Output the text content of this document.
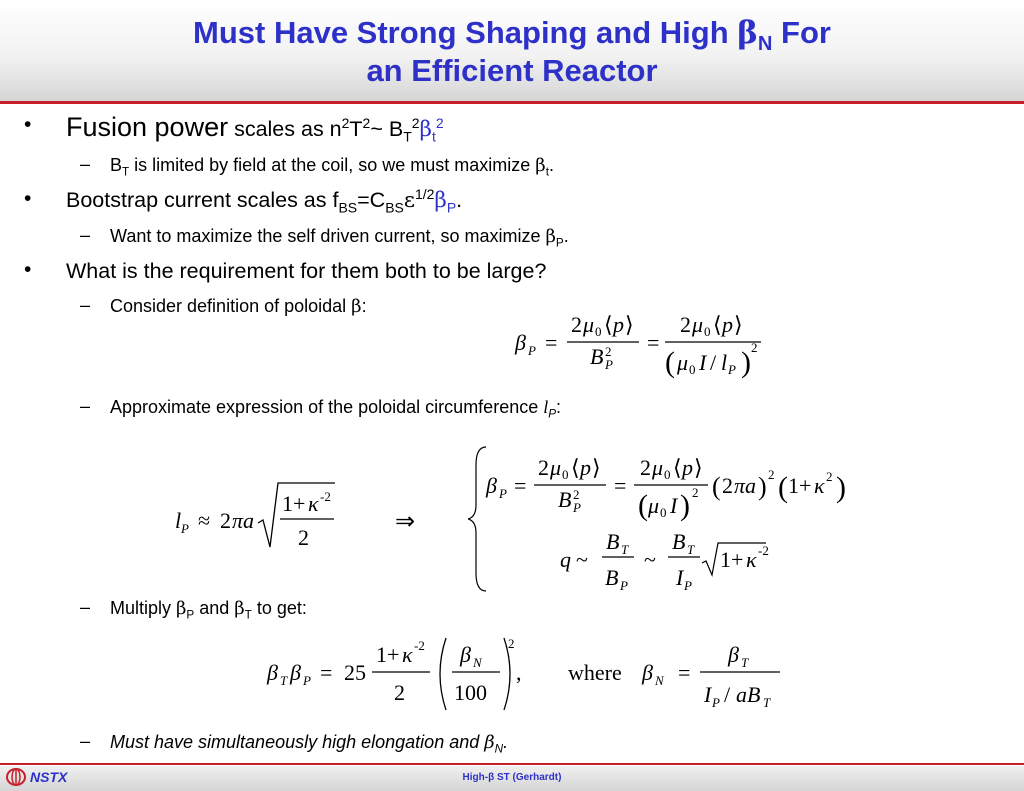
Must Have Strong Shaping and High $\beta_N$ For
an Efficient Reactor
• Fusion power scales as $n^2T^2\sim$ $B_T^2\beta_t^2$
– $B_T$ is limited by field at the coil, so we must maximize $\beta_t$.
• Bootstrap current scales as $f_{BS}=C_{BS}\varepsilon^{1/2}\beta_P$.
– Want to maximize the self driven current, so maximize $\beta_P$.
• What is the requirement for them both to be large?
– Consider definition of poloidal β:
β P =
2 μ 0 ⟨ p ⟩
B P
2 =
2 μ 0 ⟨ p ⟩
( μ 0 I / l P ) 2
– Approximate expression of the poloidal circumference $l_P$:
l P ≈ 2 πa
1+ κ -2
2
⇒
β P =
2 μ 0 ⟨ p ⟩
B P
2 =
2 μ 0 ⟨ p ⟩
( μ 0 I ) 2 ( 2 πa ) 2 ( 1+ κ 2 )
q ~
B T
B P
~
B T
I P
1+ κ -2
– Multiply $\beta_P$ and $\beta_T$ to get:
β T β P = 25
1+ κ -2
2
β N
100
2
, where β N =
β T
I P / aB T
– Must have simultaneously high elongation and $\beta_N$.
NSTX	High-β ST (Gerhardt)
